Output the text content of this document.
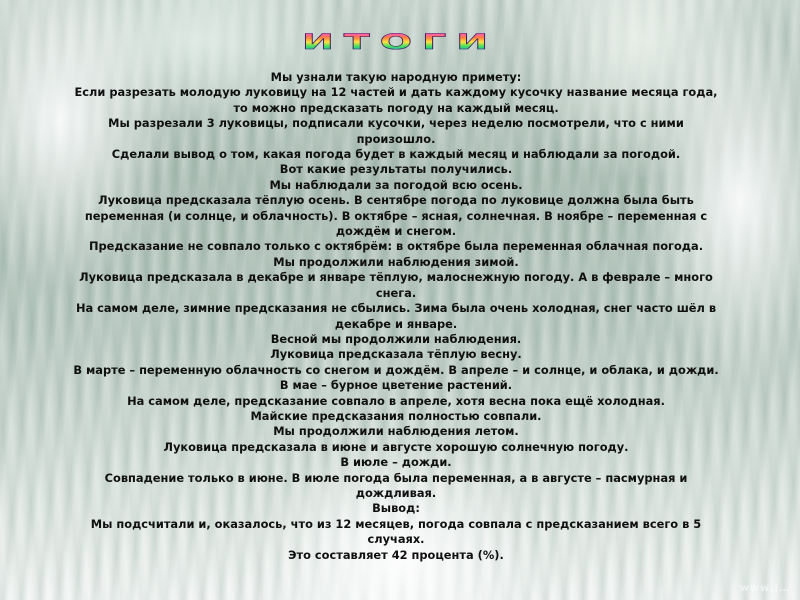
ИТОГИ

Мы узнали такую народную примету:

Если разрезать молодую луковицу на 12 частей и дать каждому кусочку название месяца года, то можно предсказать погоду на каждый месяц.

Мы разрезали 3 луковицы, подписали кусочки, через неделю посмотрели, что с ними произошло.

Сделали вывод о том, какая погода будет в каждый месяц и наблюдали за погодой.

Вот какие результаты получились.

Мы наблюдали за погодой всю осень.

Луковица предсказала тёплую осень. В сентябре погода по луковице должна была быть переменная (и солнце, и облачность). В октябре – ясная, солнечная. В ноябре – переменная с дождём и снегом.

Предсказание не совпало только с октябрём: в октябре была переменная облачная погода.

Мы продолжили наблюдения зимой.

Луковица предсказала в декабре и январе тёплую, малоснежную погоду. А в феврале – много снега.

На самом деле, зимние предсказания не сбылись. Зима была очень холодная, снег часто шёл в декабре и январе.

Весной мы продолжили наблюдения.

Луковица предсказала тёплую весну.

В марте – переменную облачность со снегом и дождём. В апреле – и солнце, и облака, и дожди. В мае – бурное цветение растений.

На самом деле, предсказание совпало в апреле, хотя весна пока ещё холодная.

Майские предсказания полностью совпали.

Мы продолжили наблюдения летом.

Луковица предсказала в июне и августе хорошую солнечную погоду.

В июле – дожди.

Совпадение только в июне. В июле погода была переменная, а в августе – пасмурная и дождливая.

Вывод:

Мы подсчитали и, оказалось, что из 12 месяцев, погода совпала с предсказанием всего в 5 случаях.

Это составляет 42 процента (%).

www.l…
